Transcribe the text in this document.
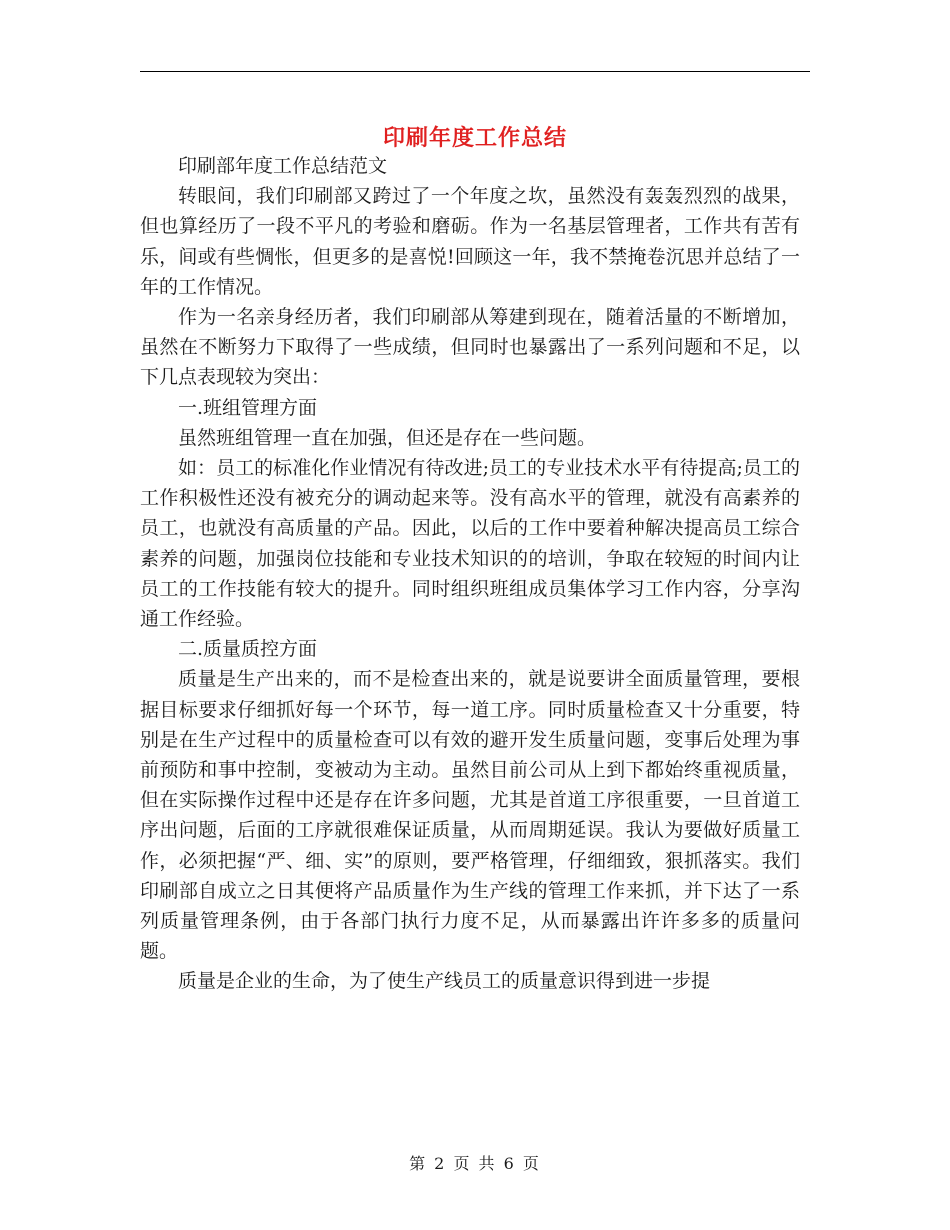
印刷年度工作总结

印刷部年度工作总结范文

转眼间，我们印刷部又跨过了一个年度之坎，虽然没有轰轰烈烈的战果，但也算经历了一段不平凡的考验和磨砺。作为一名基层管理者，工作共有苦有乐，间或有些惆怅，但更多的是喜悦!回顾这一年，我不禁掩卷沉思并总结了一年的工作情况。

作为一名亲身经历者，我们印刷部从筹建到现在，随着活量的不断增加，虽然在不断努力下取得了一些成绩，但同时也暴露出了一系列问题和不足，以下几点表现较为突出：

一.班组管理方面

虽然班组管理一直在加强，但还是存在一些问题。

如：员工的标准化作业情况有待改进;员工的专业技术水平有待提高;员工的工作积极性还没有被充分的调动起来等。没有高水平的管理，就没有高素养的员工，也就没有高质量的产品。因此，以后的工作中要着种解决提高员工综合素养的问题，加强岗位技能和专业技术知识的的培训，争取在较短的时间内让员工的工作技能有较大的提升。同时组织班组成员集体学习工作内容，分享沟通工作经验。

二.质量质控方面

质量是生产出来的，而不是检查出来的，就是说要讲全面质量管理，要根据目标要求仔细抓好每一个环节，每一道工序。同时质量检查又十分重要，特别是在生产过程中的质量检查可以有效的避开发生质量问题，变事后处理为事前预防和事中控制，变被动为主动。虽然目前公司从上到下都始终重视质量，但在实际操作过程中还是存在许多问题，尤其是首道工序很重要，一旦首道工序出问题，后面的工序就很难保证质量，从而周期延误。我认为要做好质量工作，必须把握“严、细、实”的原则，要严格管理，仔细细致，狠抓落实。我们印刷部自成立之日其便将产品质量作为生产线的管理工作来抓，并下达了一系列质量管理条例，由于各部门执行力度不足，从而暴露出许许多多的质量问题。

质量是企业的生命，为了使生产线员工的质量意识得到进一步提

第 2 页 共 6 页
